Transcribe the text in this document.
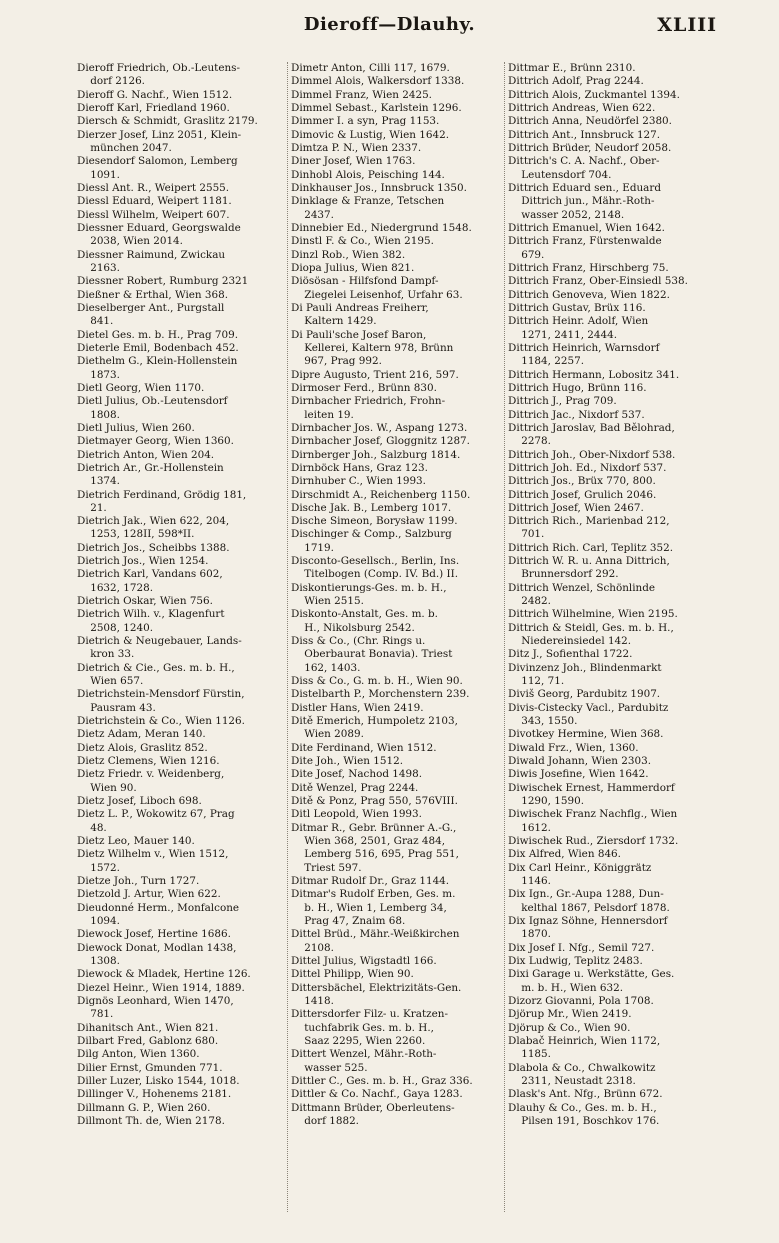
Dieroff—Dlauhy.	XLIII
Dieroff Friedrich, Ob.-Leutens-
dorf 2126.
Dieroff G. Nachf., Wien 1512.
Dieroff Karl, Friedland 1960.
Diersch & Schmidt, Graslitz 2179.
Dierzer Josef, Linz 2051, Klein-
münchen 2047.
Diesendorf Salomon, Lemberg
1091.
Diessl Ant. R., Weipert 2555.
Diessl Eduard, Weipert 1181.
Diessl Wilhelm, Weipert 607.
Diessner Eduard, Georgswalde
2038, Wien 2014.
Diessner Raimund, Zwickau
2163.
Diessner Robert, Rumburg 2321
Dießner & Erthal, Wien 368.
Dieselberger Ant., Purgstall
841.
Dietel Ges. m. b. H., Prag 709.
Dieterle Emil, Bodenbach 452.
Diethelm G., Klein-Hollenstein
1873.
Dietl Georg, Wien 1170.
Dietl Julius, Ob.-Leutensdorf
1808.
Dietl Julius, Wien 260.
Dietmayer Georg, Wien 1360.
Dietrich Anton, Wien 204.
Dietrich Ar., Gr.-Hollenstein
1374.
Dietrich Ferdinand, Grödig 181,
21.
Dietrich Jak., Wien 622, 204,
1253, 128II, 598*II.
Dietrich Jos., Scheibbs 1388.
Dietrich Jos., Wien 1254.
Dietrich Karl, Vandans 602,
1632, 1728.
Dietrich Oskar, Wien 756.
Dietrich Wilh. v., Klagenfurt
2508, 1240.
Dietrich & Neugebauer, Lands-
kron 33.
Dietrich & Cie., Ges. m. b. H.,
Wien 657.
Dietrichstein-Mensdorf Fürstin,
Pausram 43.
Dietrichstein & Co., Wien 1126.
Dietz Adam, Meran 140.
Dietz Alois, Graslitz 852.
Dietz Clemens, Wien 1216.
Dietz Friedr. v. Weidenberg,
Wien 90.
Dietz Josef, Liboch 698.
Dietz L. P., Wokowitz 67, Prag
48.
Dietz Leo, Mauer 140.
Dietz Wilhelm v., Wien 1512,
1572.
Dietze Joh., Turn 1727.
Dietzold J. Artur, Wien 622.
Dieudonné Herm., Monfalcone
1094.
Diewock Josef, Hertine 1686.
Diewock Donat, Modlan 1438,
1308.
Diewock & Mladek, Hertine 126.
Diezel Heinr., Wien 1914, 1889.
Dignös Leonhard, Wien 1470,
781.
Dihanitsch Ant., Wien 821.
Dilbart Fred, Gablonz 680.
Dilg Anton, Wien 1360.
Dilier Ernst, Gmunden 771.
Diller Luzer, Lisko 1544, 1018.
Dillinger V., Hohenems 2181.
Dillmann G. P., Wien 260.
Dillmont Th. de, Wien 2178.
Dimetr Anton, Cilli 117, 1679.
Dimmel Alois, Walkersdorf 1338.
Dimmel Franz, Wien 2425.
Dimmel Sebast., Karlstein 1296.
Dimmer I. a syn, Prag 1153.
Dimovic & Lustig, Wien 1642.
Dimtza P. N., Wien 2337.
Diner Josef, Wien 1763.
Dinhobl Alois, Peisching 144.
Dinkhauser Jos., Innsbruck 1350.
Dinklage & Franze, Tetschen
2437.
Dinnebier Ed., Niedergrund 1548.
Dinstl F. & Co., Wien 2195.
Dinzl Rob., Wien 382.
Diopa Julius, Wien 821.
Diösösan - Hilfsfond Dampf-
Ziegelei Leisenhof, Urfahr 63.
Di Pauli Andreas Freiherr,
Kaltern 1429.
Di Pauli'sche Josef Baron,
Kellerei, Kaltern 978, Brünn
967, Prag 992.
Dipre Augusto, Trient 216, 597.
Dirmoser Ferd., Brünn 830.
Dirnbacher Friedrich, Frohn-
leiten 19.
Dirnbacher Jos. W., Aspang 1273.
Dirnbacher Josef, Gloggnitz 1287.
Dirnberger Joh., Salzburg 1814.
Dirnböck Hans, Graz 123.
Dirnhuber C., Wien 1993.
Dirschmidt A., Reichenberg 1150.
Dische Jak. B., Lemberg 1017.
Dische Simeon, Borysław 1199.
Dischinger & Comp., Salzburg
1719.
Disconto-Gesellsch., Berlin, Ins.
Titelbogen (Comp. IV. Bd.) II.
Diskontierungs-Ges. m. b. H.,
Wien 2515.
Diskonto-Anstalt, Ges. m. b.
H., Nikolsburg 2542.
Diss & Co., (Chr. Rings u.
Oberbaurat Bonavia). Triest
162, 1403.
Diss & Co., G. m. b. H., Wien 90.
Distelbarth P., Morchenstern 239.
Distler Hans, Wien 2419.
Ditě Emerich, Humpoletz 2103,
Wien 2089.
Dite Ferdinand, Wien 1512.
Dite Joh., Wien 1512.
Dite Josef, Nachod 1498.
Ditě Wenzel, Prag 2244.
Ditě & Ponz, Prag 550, 576VIII.
Ditl Leopold, Wien 1993.
Ditmar R., Gebr. Brünner A.-G.,
Wien 368, 2501, Graz 484,
Lemberg 516, 695, Prag 551,
Triest 597.
Ditmar Rudolf Dr., Graz 1144.
Ditmar's Rudolf Erben, Ges. m.
b. H., Wien 1, Lemberg 34,
Prag 47, Znaim 68.
Dittel Brüd., Mähr.-Weißkirchen
2108.
Dittel Julius, Wigstadtl 166.
Dittel Philipp, Wien 90.
Dittersbächel, Elektrizitäts-Gen.
1418.
Dittersdorfer Filz- u. Kratzen-
tuchfabrik Ges. m. b. H.,
Saaz 2295, Wien 2260.
Dittert Wenzel, Mähr.-Roth-
wasser 525.
Dittler C., Ges. m. b. H., Graz 336.
Dittler & Co. Nachf., Gaya 1283.
Dittmann Brüder, Oberleutens-
dorf 1882.
Dittmar E., Brünn 2310.
Dittrich Adolf, Prag 2244.
Dittrich Alois, Zuckmantel 1394.
Dittrich Andreas, Wien 622.
Dittrich Anna, Neudörfel 2380.
Dittrich Ant., Innsbruck 127.
Dittrich Brüder, Neudorf 2058.
Dittrich's C. A. Nachf., Ober-
Leutensdorf 704.
Dittrich Eduard sen., Eduard
Dittrich jun., Mähr.-Roth-
wasser 2052, 2148.
Dittrich Emanuel, Wien 1642.
Dittrich Franz, Fürstenwalde
679.
Dittrich Franz, Hirschberg 75.
Dittrich Franz, Ober-Einsiedl 538.
Dittrich Genoveva, Wien 1822.
Dittrich Gustav, Brüx 116.
Dittrich Heinr. Adolf, Wien
1271, 2411, 2444.
Dittrich Heinrich, Warnsdorf
1184, 2257.
Dittrich Hermann, Lobositz 341.
Dittrich Hugo, Brünn 116.
Dittrich J., Prag 709.
Dittrich Jac., Nixdorf 537.
Dittrich Jaroslav, Bad Bělohrad,
2278.
Dittrich Joh., Ober-Nixdorf 538.
Dittrich Joh. Ed., Nixdorf 537.
Dittrich Jos., Brüx 770, 800.
Dittrich Josef, Grulich 2046.
Dittrich Josef, Wien 2467.
Dittrich Rich., Marienbad 212,
701.
Dittrich Rich. Carl, Teplitz 352.
Dittrich W. R. u. Anna Dittrich,
Brunnersdorf 292.
Dittrich Wenzel, Schönlinde
2482.
Dittrich Wilhelmine, Wien 2195.
Dittrich & Steidl, Ges. m. b. H.,
Niedereinsiedel 142.
Ditz J., Sofienthal 1722.
Divinzenz Joh., Blindenmarkt
112, 71.
Diviš Georg, Pardubitz 1907.
Divis-Cistecky Vacl., Pardubitz
343, 1550.
Divotkey Hermine, Wien 368.
Diwald Frz., Wien, 1360.
Diwald Johann, Wien 2303.
Diwis Josefine, Wien 1642.
Diwischek Ernest, Hammerdorf
1290, 1590.
Diwischek Franz Nachflg., Wien
1612.
Diwischek Rud., Ziersdorf 1732.
Dix Alfred, Wien 846.
Dix Carl Heinr., Königgrätz
1146.
Dix Ign., Gr.-Aupa 1288, Dun-
kelthal 1867, Pelsdorf 1878.
Dix Ignaz Söhne, Hennersdorf
1870.
Dix Josef I. Nfg., Semil 727.
Dix Ludwig, Teplitz 2483.
Dixi Garage u. Werkstätte, Ges.
m. b. H., Wien 632.
Dizorz Giovanni, Pola 1708.
Djörup Mr., Wien 2419.
Djörup & Co., Wien 90.
Dlabač Heinrich, Wien 1172,
1185.
Dlabola & Co., Chwalkowitz
2311, Neustadt 2318.
Dlask's Ant. Nfg., Brünn 672.
Dlauhy & Co., Ges. m. b. H.,
Pilsen 191, Boschkov 176.
